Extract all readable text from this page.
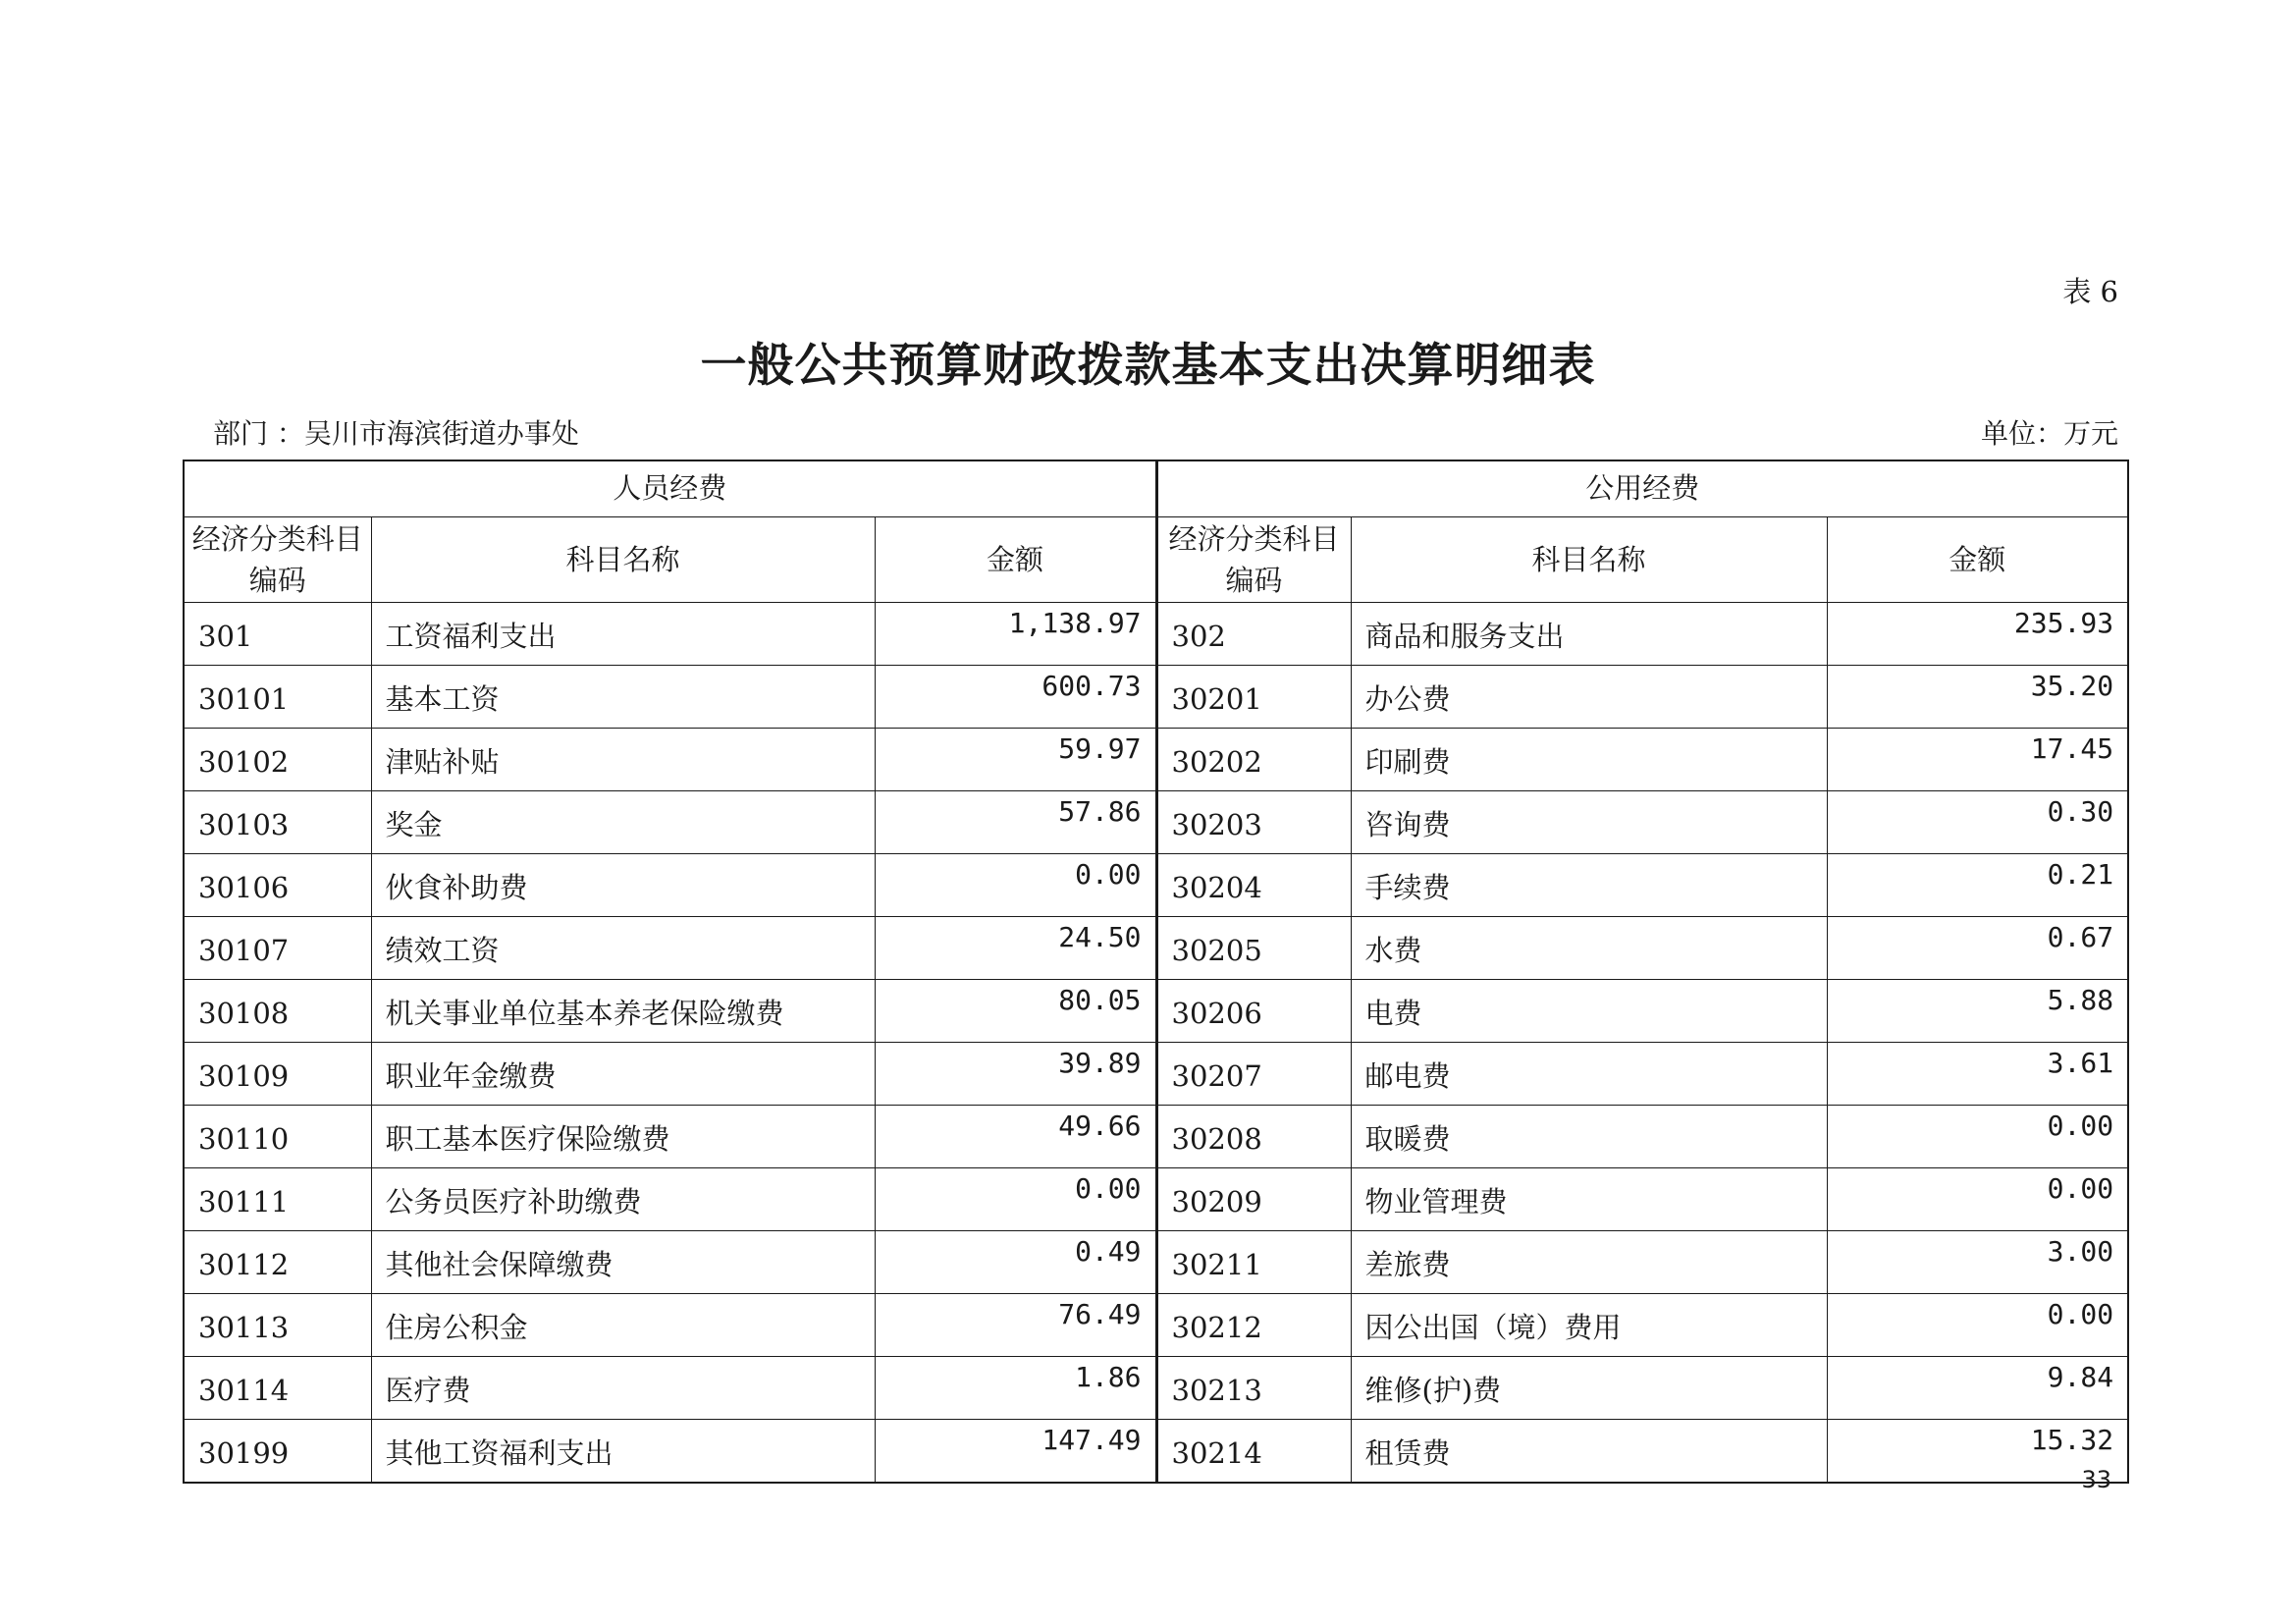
表 6
一般公共预算财政拨款基本支出决算明细表
部门 ：吴川市海滨街道办事处	单位：万元
人员经费			公用经费		
经济分类科目编码	科目名称	金额	经济分类科目编码	科目名称	金额
301	工资福利支出	1,138.97	302	商品和服务支出	235.93
30101	基本工资	600.73	30201	办公费	35.20
30102	津贴补贴	59.97	30202	印刷费	17.45
30103	奖金	57.86	30203	咨询费	0.30
30106	伙食补助费	0.00	30204	手续费	0.21
30107	绩效工资	24.50	30205	水费	0.67
30108	机关事业单位基本养老保险缴费	80.05	30206	电费	5.88
30109	职业年金缴费	39.89	30207	邮电费	3.61
30110	职工基本医疗保险缴费	49.66	30208	取暖费	0.00
30111	公务员医疗补助缴费	0.00	30209	物业管理费	0.00
30112	其他社会保障缴费	0.49	30211	差旅费	3.00
30113	住房公积金	76.49	30212	因公出国（境）费用	0.00
30114	医疗费	1.86	30213	维修(护)费	9.84
30199	其他工资福利支出	147.49	30214	租赁费	15.32
33
